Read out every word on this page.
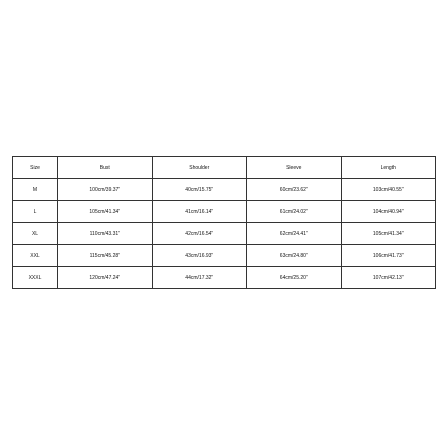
Size	Bust	Shoulder	Sleeve	Length
M	100cm/39.37"	40cm/15.75"	60cm/23.62"	103cm/40.55"
L	105cm/41.34"	41cm/16.14"	61cm/24.02"	104cm/40.94"
XL	110cm/43.31"	42cm/16.54"	62cm/24.41"	105cm/41.34"
XXL	115cm/45.28"	43cm/16.93"	63cm/24.80"	106cm/41.73"
XXXL	120cm/47.24"	44cm/17.32"	64cm/25.20"	107cm/42.13"
